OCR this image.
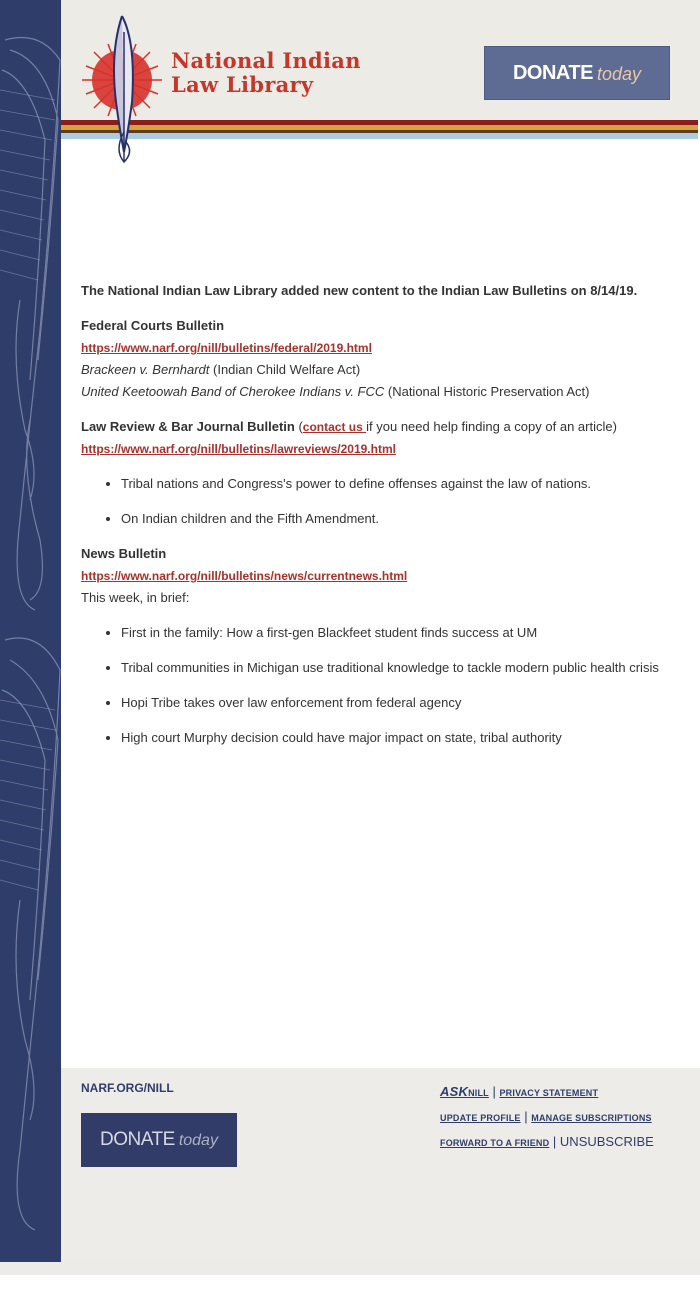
National Indian
Law Library	DONATE today

The National Indian Law Library added new content to the Indian Law Bulletins on 8/14/19.

Federal Courts Bulletin

https://www.narf.org/nill/bulletins/federal/2019.html

Brackeen v. Bernhardt (Indian Child Welfare Act)

United Keetoowah Band of Cherokee Indians v. FCC (National Historic Preservation Act)

Law Review & Bar Journal Bulletin (contact us if you need help finding a copy of an article)

https://www.narf.org/nill/bulletins/lawreviews/2019.html

• Tribal nations and Congress's power to define offenses against the law of nations.
• On Indian children and the Fifth Amendment.

News Bulletin

https://www.narf.org/nill/bulletins/news/currentnews.html

This week, in brief:

• First in the family: How a first-gen Blackfeet student finds success at UM
• Tribal communities in Michigan use traditional knowledge to tackle modern public health crisis
• Hopi Tribe takes over law enforcement from federal agency
• High court Murphy decision could have major impact on state, tribal authority
NARF.ORG/NILL
DONATE today
ASKNILL | PRIVACY STATEMENT
UPDATE PROFILE | MANAGE SUBSCRIPTIONS
FORWARD TO A FRIEND | UNSUBSCRIBE
